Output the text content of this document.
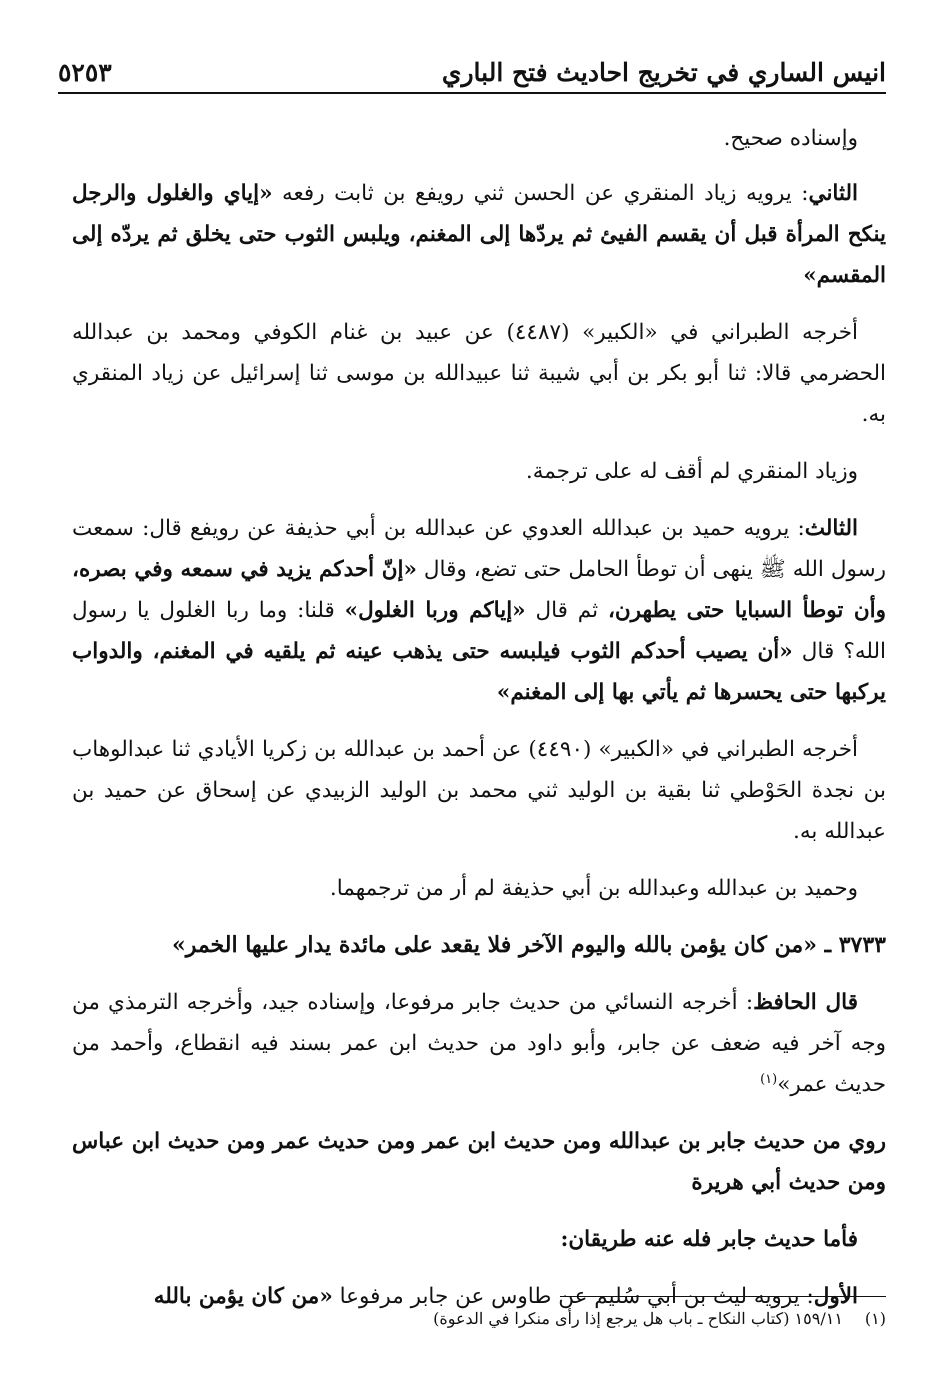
انيس الساري في تخريج احاديث فتح الباري
٥٢٥٣

وإسناده صحيح.

الثاني: يرويه زياد المنقري عن الحسن ثني رويفع بن ثابت رفعه «إياي والغلول والرجل ينكح المرأة قبل أن يقسم الفيئ ثم يردّها إلى المغنم، ويلبس الثوب حتى يخلق ثم يردّه إلى المقسم»

أخرجه الطبراني في «الكبير» (٤٤٨٧) عن عبيد بن غنام الكوفي ومحمد بن عبدالله الحضرمي قالا: ثنا أبو بكر بن أبي شيبة ثنا عبيدالله بن موسى ثنا إسرائيل عن زياد المنقري به.

وزياد المنقري لم أقف له على ترجمة.

الثالث: يرويه حميد بن عبدالله العدوي عن عبدالله بن أبي حذيفة عن رويفع قال: سمعت رسول الله ﷺ ينهى أن توطأ الحامل حتى تضع، وقال «إنّ أحدكم يزيد في سمعه وفي بصره، وأن توطأ السبايا حتى يطهرن، ثم قال «إياكم وربا الغلول» قلنا: وما ربا الغلول يا رسول الله؟ قال «أن يصيب أحدكم الثوب فيلبسه حتى يذهب عينه ثم يلقيه في المغنم، والدواب يركبها حتى يحسرها ثم يأتي بها إلى المغنم»

أخرجه الطبراني في «الكبير» (٤٤٩٠) عن أحمد بن عبدالله بن زكريا الأيادي ثنا عبدالوهاب بن نجدة الحَوْطي ثنا بقية بن الوليد ثني محمد بن الوليد الزبيدي عن إسحاق عن حميد بن عبدالله به.

وحميد بن عبدالله وعبدالله بن أبي حذيفة لم أر من ترجمهما.

٣٧٣٣ ـ «من كان يؤمن بالله واليوم الآخر فلا يقعد على مائدة يدار عليها الخمر»

قال الحافظ: أخرجه النسائي من حديث جابر مرفوعا، وإسناده جيد، وأخرجه الترمذي من وجه آخر فيه ضعف عن جابر، وأبو داود من حديث ابن عمر بسند فيه انقطاع، وأحمد من حديث عمر»$^{(١)}$

روي من حديث جابر بن عبدالله ومن حديث ابن عمر ومن حديث عمر ومن حديث ابن عباس ومن حديث أبي هريرة

فأما حديث جابر فله عنه طريقان:

الأول: يرويه ليث بن أبي سُليم عن طاوس عن جابر مرفوعا «من كان يؤمن بالله

(١)١٥٩/١١ (كتاب النكاح ـ باب هل يرجع إذا رأى منكرا في الدعوة)
